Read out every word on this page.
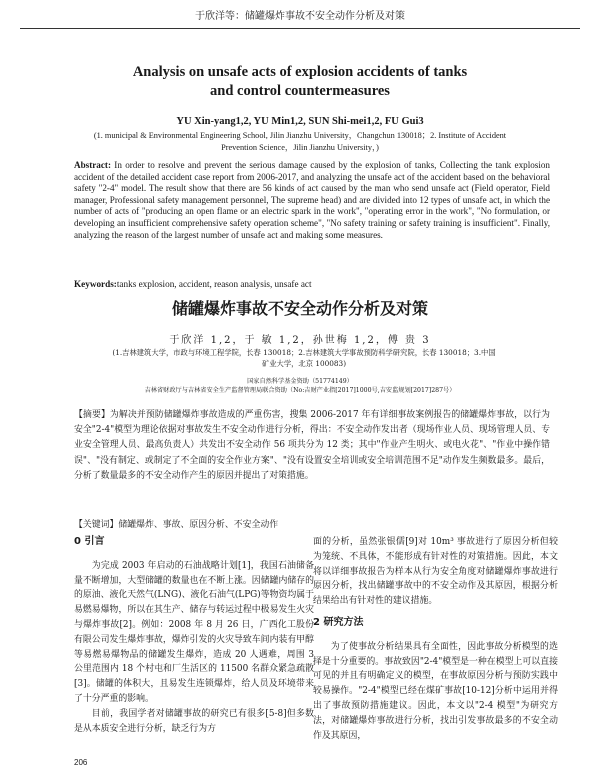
于欣洋等：储罐爆炸事故不安全动作分析及对策
Analysis on unsafe acts of explosion accidents of tanks
and control countermeasures
YU Xin-yang1,2, YU Min1,2, SUN Shi-mei1,2, FU Gui3
(1. municipal & Environmental Engineering School, Jilin Jianzhu University，Changchun 130018；2. Institute of Accident
Prevention Science，Jilin Jianzhu University，)
Abstract: In order to resolve and prevent the serious damage caused by the explosion of tanks, Collecting the tank explosion accident of the detailed accident case report from 2006-2017, and analyzing the unsafe act of the accident based on the behavioral safety "2-4" model. The result show that there are 56 kinds of act caused by the man who send unsafe act (Field operator, Field manager, Professional safety management personnel, The supreme head) and are divided into 12 types of unsafe act, in which the number of acts of "producing an open flame or an electric spark in the work", "operating error in the work", "No formulation, or developing an insufficient comprehensive safety operation scheme", "No safety training or safety training is insufficient". Finally, analyzing the reason of the largest number of unsafe act and making some measures.
Keywords:tanks explosion, accident, reason analysis, unsafe act
储罐爆炸事故不安全动作分析及对策
于欣洋 1,2，于 敏 1,2，孙世梅 1,2，傅 贵 3
(1.吉林建筑大学，市政与环境工程学院，长春 130018；2.吉林建筑大学事故预防科学研究院，长春 130018；3.中国
矿业大学，北京 100083)
国家自然科学基金资助（51774149）
吉林省财政厅与吉林省安全生产监督管理局联合资助（No:吉财产业指[2017]1000号,吉安监规划[2017]287号）
【摘要】为解决并预防储罐爆炸事故造成的严重伤害，搜集 2006-2017 年有详细事故案例报告的储罐爆炸事故，以行为安全"2-4"模型为理论依据对事故发生不安全动作进行分析，得出：不安全动作发出者（现场作业人员、现场管理人员、专业安全管理人员、最高负责人）共发出不安全动作 56 项共分为 12 类；其中"作业产生明火、或电火花"、"作业中操作错误"、"没有制定、或制定了不全面的安全作业方案"、"没有设置安全培训或安全培训范围不足"动作发生频数最多。最后，分析了数量最多的不安全动作产生的原因并提出了对策措施。
【关键词】储罐爆炸、事故、原因分析、不安全动作
0 引言

为完成 2003 年启动的石油战略计划[1]，我国石油储备量不断增加，大型储罐的数量也在不断上涨。因储罐内储存的的原油、液化天然气(LNG)、液化石油气(LPG)等物资均属于易燃易爆物，所以在其生产、储存与转运过程中极易发生火灾与爆炸事故[2]。例如：2008 年 8 月 26 日，广西化工股份有限公司发生爆炸事故，爆炸引发的火灾导致车间内装有甲醇等易燃易爆物品的储罐发生爆炸，造成 20 人遇难，周围 3 公里范围内 18 个村屯和厂生活区的 11500 名群众紧急疏散[3]。储罐的体积大，且易发生连锁爆炸，给人员及环境带来了十分严重的影响。

目前，我国学者对储罐事故的研究已有很多[5-8]但多数是从本质安全进行分析，缺乏行为方

面的分析，虽然张银儒[9]对 10m³ 事故进行了原因分析但较为笼统、不具体，不能形成有针对性的对策措施。因此，本文将以详细事故报告为样本从行为安全角度对储罐爆炸事故进行原因分析，找出储罐事故中的不安全动作及其原因，根据分析结果给出有针对性的建议措施。

2 研究方法

为了使事故分析结果具有全面性，因此事故分析模型的选择是十分重要的。事故致因"2-4"模型是一种在模型上可以直接可见的并且有明确定义的模型，在事故原因分析与预防实践中较易操作。"2-4"模型已经在煤矿事故[10-12]分析中运用并得出了事故预防措施建议。因此，本文以"2-4 模型"为研究方法，对储罐爆炸事故进行分析，找出引发事故最多的不安全动作及其原因，

206
